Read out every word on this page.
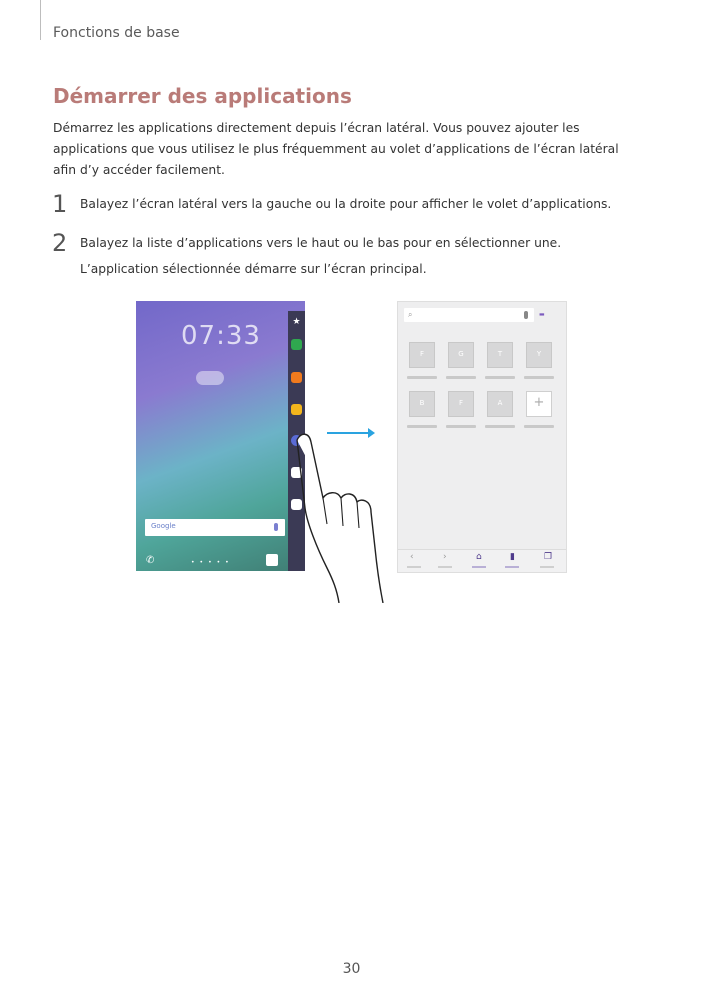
Fonctions de base
Démarrer des applications
Démarrez les applications directement depuis l’écran latéral. Vous pouvez ajouter les applications que vous utilisez le plus fréquemment au volet d’applications de l’écran latéral afin d’y accéder facilement.
1 Balayez l’écran latéral vers la gauche ou la droite pour afficher le volet d’applications.
2 Balayez la liste d’applications vers le haut ou le bas pour en sélectionner une.
L’application sélectionnée démarre sur l’écran principal.
07:33
Google
✆	•••••
★
⌕	▬
F	G	T	Y
B	F	A	+
‹	›	⌂	▮	❐
30
